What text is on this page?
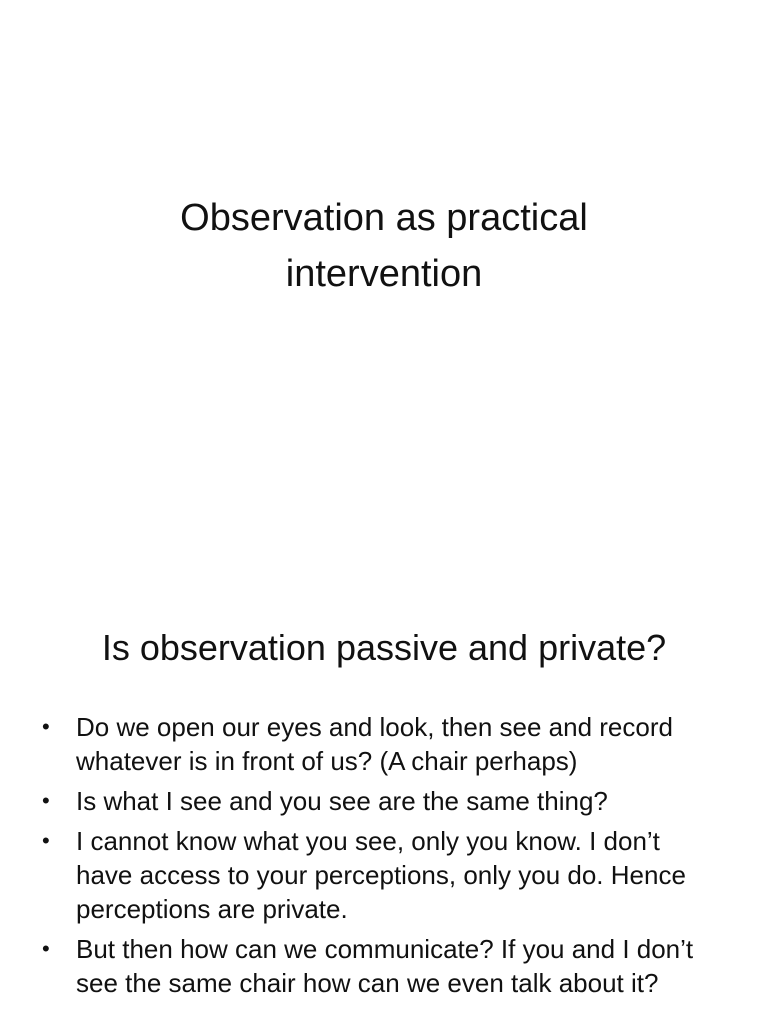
Observation as practical
intervention
Is observation passive and private?
•	Do we open our eyes and look, then see and record whatever is in front of us? (A chair perhaps)
•	Is what I see and you see are the same thing?
•	I cannot know what you see, only you know. I don’t have access to your perceptions, only you do. Hence perceptions are private.
•	But then how can we communicate? If you and I don’t see the same chair how can we even talk about it?
